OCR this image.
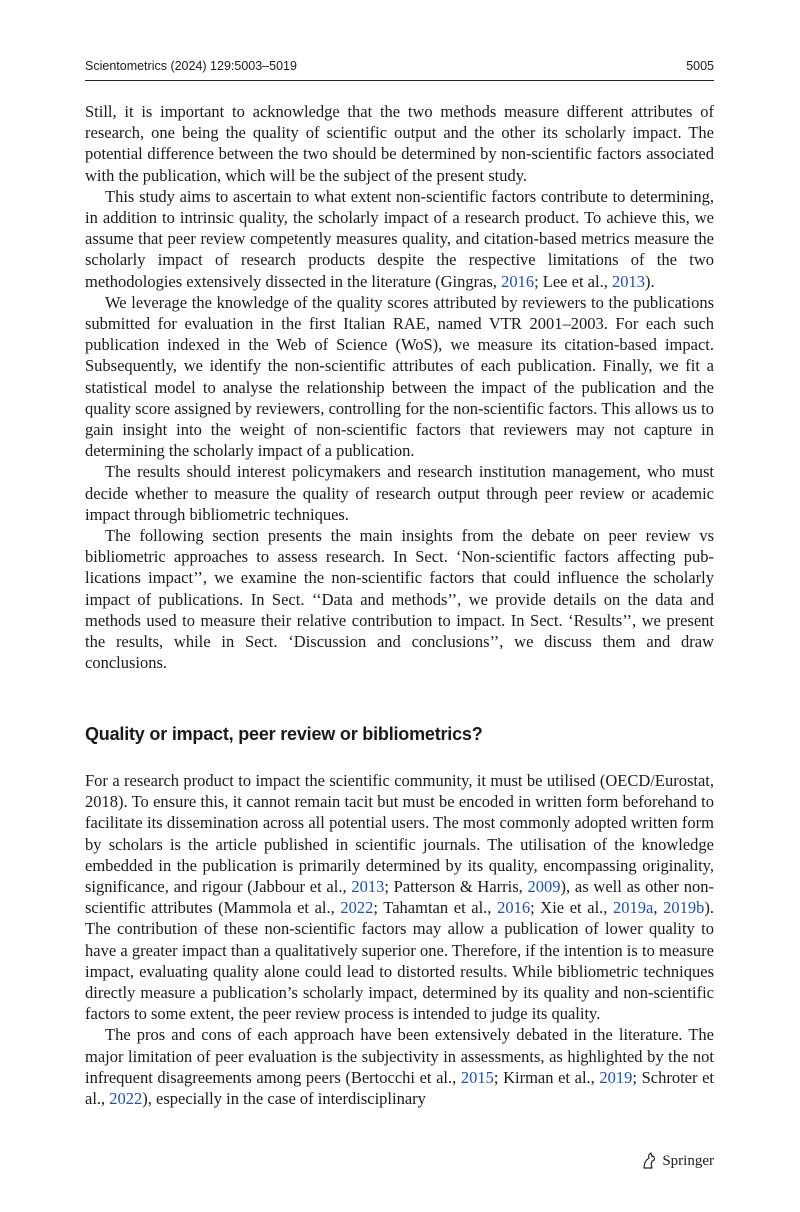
Scientometrics (2024) 129:5003–5019	5005

Still, it is important to acknowledge that the two methods measure different attributes of research, one being the quality of scientific output and the other its scholarly impact. The potential difference between the two should be determined by non-scientific factors associated with the publication, which will be the subject of the present study.

This study aims to ascertain to what extent non-scientific factors contribute to determining, in addition to intrinsic quality, the scholarly impact of a research product. To achieve this, we assume that peer review competently measures quality, and citation-based metrics measure the scholarly impact of research products despite the respective limitations of the two methodologies extensively dissected in the literature (Gingras, 2016; Lee et al., 2013).

We leverage the knowledge of the quality scores attributed by reviewers to the publications submitted for evaluation in the first Italian RAE, named VTR 2001–2003. For each such publication indexed in the Web of Science (WoS), we measure its citation-based impact. Subsequently, we identify the non-scientific attributes of each publication. Finally, we fit a statistical model to analyse the relationship between the impact of the publication and the quality score assigned by reviewers, controlling for the non-scientific factors. This allows us to gain insight into the weight of non-scientific factors that reviewers may not capture in determining the scholarly impact of a publication.

The results should interest policymakers and research institution management, who must decide whether to measure the quality of research output through peer review or academic impact through bibliometric techniques.

The following section presents the main insights from the debate on peer review vs bibliometric approaches to assess research. In Sect. ‘Non-scientific factors affecting publications impact’’, we examine the non-scientific factors that could influence the scholarly impact of publications. In Sect. ‘‘Data and methods’’, we provide details on the data and methods used to measure their relative contribution to impact. In Sect. ‘Results’’, we present the results, while in Sect. ‘Discussion and conclusions’’, we discuss them and draw conclusions.

Quality or impact, peer review or bibliometrics?

For a research product to impact the scientific community, it must be utilised (OECD/Eurostat, 2018). To ensure this, it cannot remain tacit but must be encoded in written form beforehand to facilitate its dissemination across all potential users. The most commonly adopted written form by scholars is the article published in scientific journals. The utilisation of the knowledge embedded in the publication is primarily determined by its quality, encompassing originality, significance, and rigour (Jabbour et al., 2013; Patterson & Harris, 2009), as well as other non-scientific attributes (Mammola et al., 2022; Tahamtan et al., 2016; Xie et al., 2019a, 2019b). The contribution of these non-scientific factors may allow a publication of lower quality to have a greater impact than a qualitatively superior one. Therefore, if the intention is to measure impact, evaluating quality alone could lead to distorted results. While bibliometric techniques directly measure a publication’s scholarly impact, determined by its quality and non-scientific factors to some extent, the peer review process is intended to judge its quality.

The pros and cons of each approach have been extensively debated in the literature. The major limitation of peer evaluation is the subjectivity in assessments, as highlighted by the not infrequent disagreements among peers (Bertocchi et al., 2015; Kirman et al., 2019; Schroter et al., 2022), especially in the case of interdisciplinary

Springer
